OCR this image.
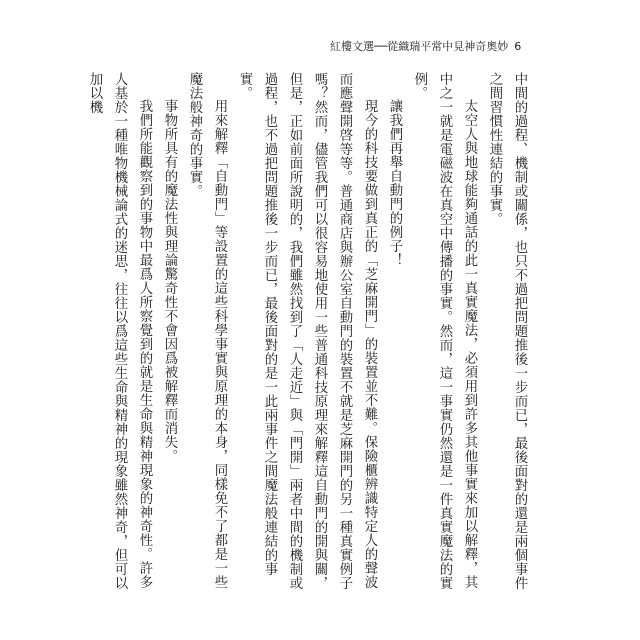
紅樓文選──從織瑞平常中見神奇奧妙 6

中間的過程、機制或關係，也只不過把問題推後一步而已，最後面對的還是兩個事件之間習慣性連結的事實。

太空人與地球能夠通話的此一真實魔法，必須用到許多其他事實來加以解釋，其中之一就是電磁波在真空中傳播的事實。然而，這一事實仍然還是一件真實魔法的實例。

讓我們再舉自動門的例子！

現今的科技要做到真正的「芝麻開門」的裝置並不難。保險櫃辨識特定人的聲波而應聲開啓等等。普通商店與辦公室自動門的裝置不就是芝麻開門的另一種真實例子嗎？然而，儘管我們可以很容易地使用一些普通科技原理來解釋這自動門的開與關，但是，正如前面所說明的，我們雖然找到了「人走近」與「門開」兩者中間的機制或過程，也不過把問題推後一步而已，最後面對的是一此兩事件之間魔法般連結的事實。

用來解釋「自動門」等設置的這些科學事實與原理的本身，同樣免不了都是一些魔法般神奇的事實。

事物所具有的魔法性與理論驚奇性不會因爲被解釋而消失。

我們所能觀察到的事物中最爲人所察覺到的就是生命與精神現象的神奇性。許多人基於一種唯物機械論式的迷思，往往以爲這些生命與精神的現象雖然神奇，但可以加以機
